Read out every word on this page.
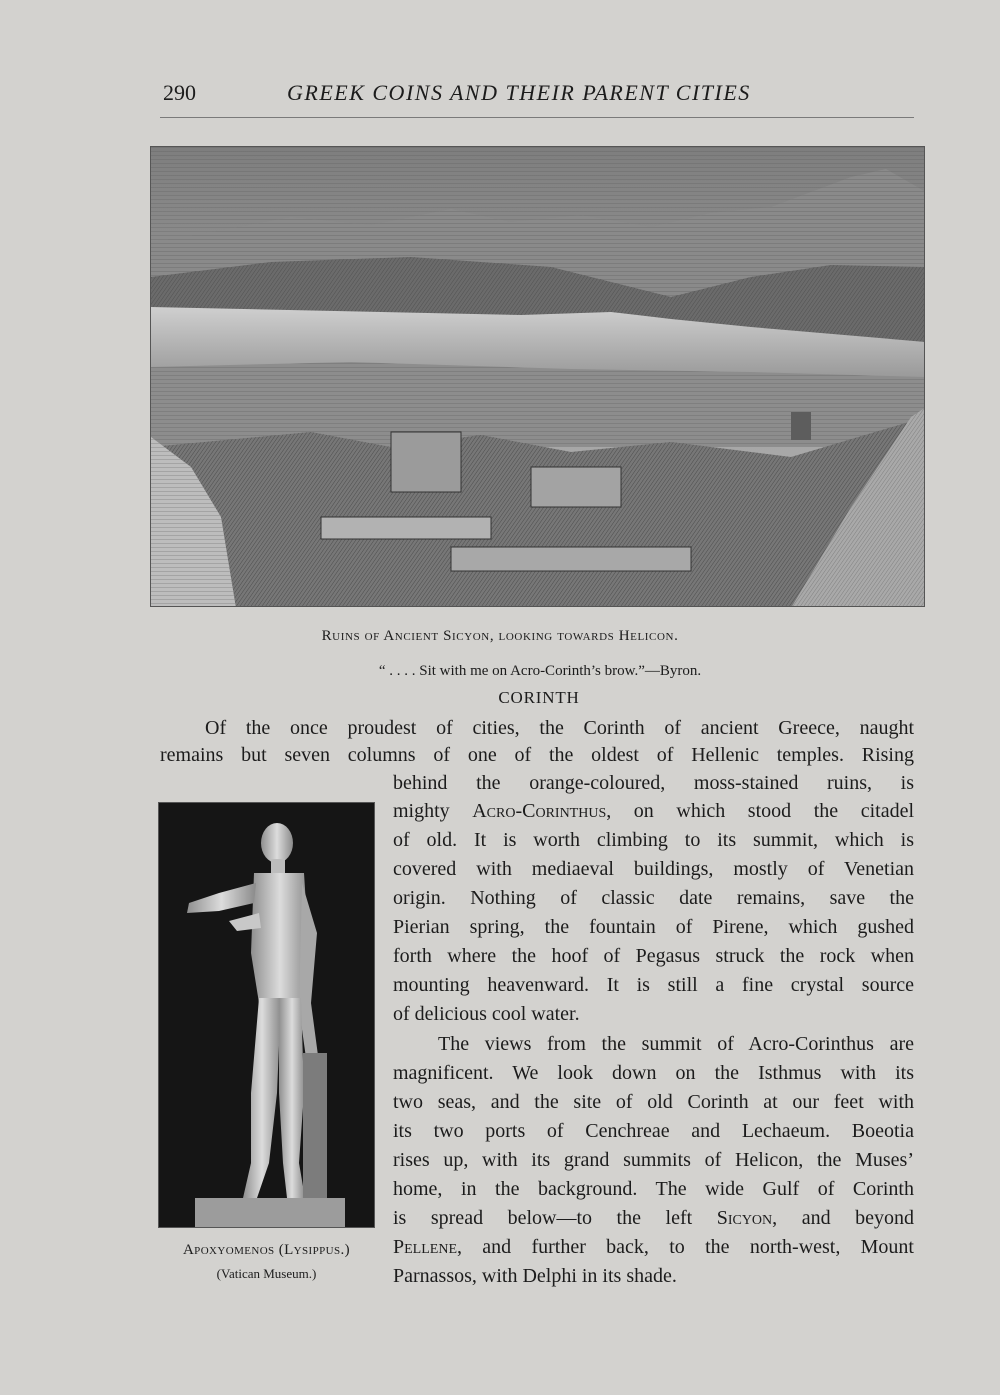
290	GREEK COINS AND THEIR PARENT CITIES
Ruins of Ancient Sicyon, looking towards Helicon.
“ . . . . Sit with me on Acro-Corinth’s brow.”—Byron.
CORINTH
Of the once proudest of cities, the Corinth of ancient Greece, naught
remains but seven columns of one of the oldest of Hellenic temples. Rising
behind the orange-coloured, moss-stained ruins, is
mighty Acro-Corinthus, on which stood the citadel
of old. It is worth climbing to its summit, which is
covered with mediaeval buildings, mostly of Venetian
origin. Nothing of classic date remains, save the
Pierian spring, the fountain of Pirene, which gushed
forth where the hoof of Pegasus struck the rock when
mounting heavenward. It is still a fine crystal source
of delicious cool water.
The views from the summit of Acro-Corinthus are
magnificent. We look down on the Isthmus with its
two seas, and the site of old Corinth at our feet with
its two ports of Cenchreae and Lechaeum. Boeotia
rises up, with its grand summits of Helicon, the Muses’
home, in the background. The wide Gulf of Corinth
is spread below—to the left Sicyon, and beyond
Pellene, and further back, to the north-west, Mount
Parnassos, with Delphi in its shade.
Apoxyomenos (Lysippus.)
(Vatican Museum.)
